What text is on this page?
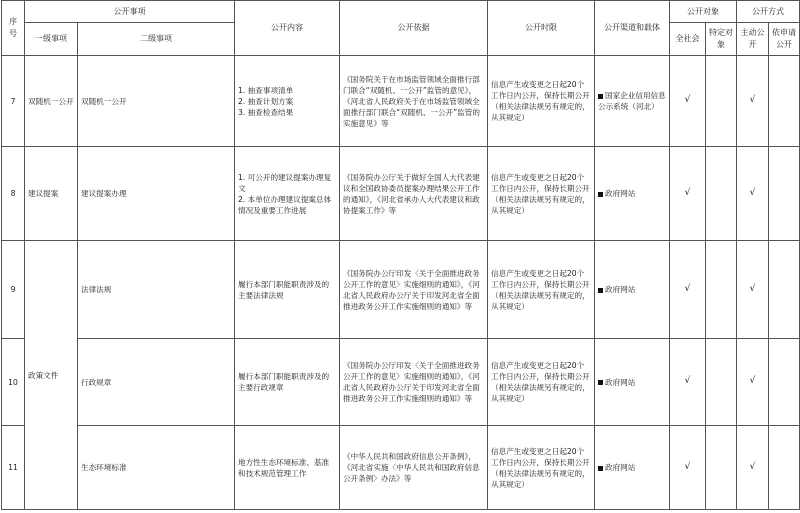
序号	公开事项		公开内容	公开依据	公开时限	公开渠道和载体	公开对象		公开方式	
	一级事项	二级事项					全社会	特定对象	主动公开	依申请公开
7	双随机一公开	双随机一公开	1. 抽查事项清单
2. 抽查计划方案
3. 抽查检查结果	《国务院关于在市场监管领域全面推行部门联合“双随机、一公开”监管的意见》，《河北省人民政府关于在市场监管领域全面推行部门联合“双随机、一公开”监管的实施意见》等	信息产生或变更之日起20个工作日内公开，保持长期公开（相关法律法规另有规定的，从其规定）	国家企业信用信息公示系统（河北）	√		√	
8	建议提案	建议提案办理	1. 可公开的建议提案办理复文
2. 本单位办理建议提案总体情况及重要工作进展	《国务院办公厅关于做好全国人大代表建议和全国政协委员提案办理结果公开工作的通知》，《河北省承办人大代表建议和政协提案工作》等	信息产生或变更之日起20个工作日内公开，保持长期公开（相关法律法规另有规定的，从其规定）	政府网站	√		√	
9	政策文件	法律法规	履行本部门职能职责涉及的主要法律法规	《国务院办公厅印发〈关于全面推进政务公开工作的意见〉实施细则的通知》，《河北省人民政府办公厅关于印发河北省全面推进政务公开工作实施细则的通知》等	信息产生或变更之日起20个工作日内公开，保持长期公开（相关法律法规另有规定的，从其规定）	政府网站	√		√	
10		行政规章	履行本部门职能职责涉及的主要行政规章	《国务院办公厅印发〈关于全面推进政务公开工作的意见〉实施细则的通知》，《河北省人民政府办公厅关于印发河北省全面推进政务公开工作实施细则的通知》等	信息产生或变更之日起20个工作日内公开，保持长期公开（相关法律法规另有规定的，从其规定）	政府网站	√		√	
11		生态环境标准	地方性生态环境标准、基准和技术规范管理工作	《中华人民共和国政府信息公开条例》，《河北省实施〈中华人民共和国政府信息公开条例〉办法》等	信息产生或变更之日起20个工作日内公开，保持长期公开（相关法律法规另有规定的，从其规定）	政府网站	√		√	
